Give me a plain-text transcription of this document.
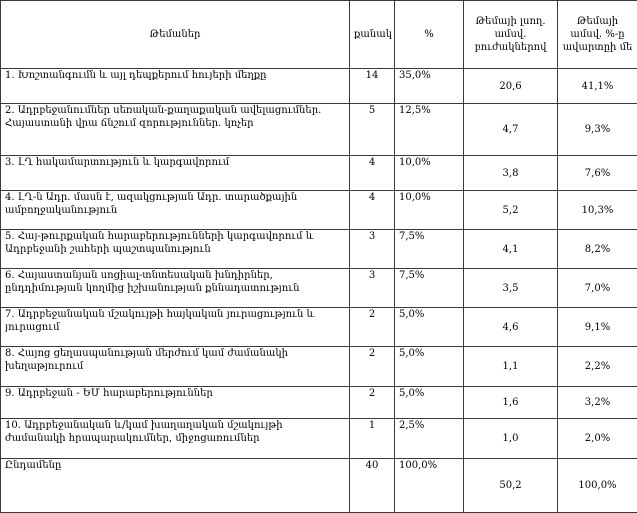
Թեմաներ	քանակ	%	Թեմայի լսող. ամսվ. բուժակներով	Թեմայի ամսվ. %-ը ավարտըի մե
1. Խոշտանգումն և այլ դեպքերում հույերի մեղքը	14	35,0%	20,6	41,1%
2. Ադրբեջանումներ սեռական-քաղաքական ավելացումներ. Հայաստանի վրա ճնշում զորություններ. կոչեր	5	12,5%	4,7	9,3%
3. ԼՂ հակամարտություն և կարգավորում	4	10,0%	3,8	7,6%
4. ԼՂ-ն Ադր. մասն է, ազակցության Ադր. տարածքային ամբողջականություն	4	10,0%	5,2	10,3%
5. Հայ-թուրքական հարաբերությունների կարգավորում և Ադրբեջանի շահերի պաշտպանություն	3	7,5%	4,1	8,2%
6. Հայաստանյան սոցիալ-տնտեսական խնդիրներ, ընդդիմության կողմից իշխանության քննադատություն	3	7,5%	3,5	7,0%
7. Ադրբեջանական մշակույթի հայկական յուրացություն և յուրացում	2	5,0%	4,6	9,1%
8. Հայոց ցեղասպանության մերժում կամ ժամանակի խեղաթյուրում	2	5,0%	1,1	2,2%
9. Ադրբեջան - ԵՄ հարաբերություններ	2	5,0%	1,6	3,2%
10. Ադրբեջանական և/կամ խաղաղական մշակույթի ժամանակի հրապարակումներ, միջոցառումներ	1	2,5%	1,0	2,0%
Ընդամենը	40	100,0%	50,2	100,0%
